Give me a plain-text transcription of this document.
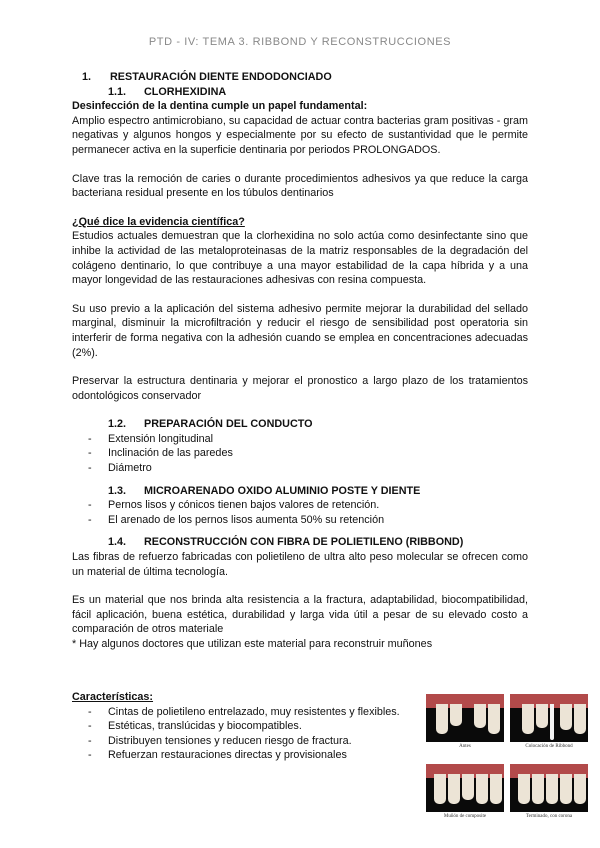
PTD - IV: TEMA 3. RIBBOND Y RECONSTRUCCIONES
1. RESTAURACIÓN DIENTE ENDODONCIADO
1.1. CLORHEXIDINA
Desinfección de la dentina cumple un papel fundamental:

Amplio espectro antimicrobiano, su capacidad de actuar contra bacterias gram positivas - gram negativas y algunos hongos y especialmente por su efecto de sustantividad que le permite permanecer activa en la superficie dentinaria por periodos PROLONGADOS.

Clave tras la remoción de caries o durante procedimientos adhesivos ya que reduce la carga bacteriana residual presente en los túbulos dentinarios

¿Qué dice la evidencia científica?

Estudios actuales demuestran que la clorhexidina no solo actúa como desinfectante sino que inhibe la actividad de las metaloproteinasas de la matriz responsables de la degradación del colágeno dentinario, lo que contribuye a una mayor estabilidad de la capa híbrida y a una mayor longevidad de las restauraciones adhesivas con resina compuesta.

Su uso previo a la aplicación del sistema adhesivo permite mejorar la durabilidad del sellado marginal, disminuir la microfiltración y reducir el riesgo de sensibilidad post operatoria sin interferir de forma negativa con la adhesión cuando se emplea en concentraciones adecuadas (2%).

Preservar la estructura dentinaria y mejorar el pronostico a largo plazo de los tratamientos odontológicos conservador

1.2. PREPARACIÓN DEL CONDUCTO
- Extensión longitudinal
- Inclinación de las paredes
- Diámetro
1.3. MICROARENADO OXIDO ALUMINIO POSTE Y DIENTE
- Pernos lisos y cónicos tienen bajos valores de retención.
- El arenado de los pernos lisos aumenta 50% su retención
1.4. RECONSTRUCCIÓN CON FIBRA DE POLIETILENO (RIBBOND)

Las fibras de refuerzo fabricadas con polietileno de ultra alto peso molecular se ofrecen como un material de última tecnología.

Es un material que nos brinda alta resistencia a la fractura, adaptabilidad, biocompatibilidad, fácil aplicación, buena estética, durabilidad y larga vida útil a pesar de su elevado costo a comparación de otros materiale

* Hay algunos doctores que utilizan este material para reconstruir muñones

Características:
- Cintas de polietileno entrelazado, muy resistentes y flexibles.
- Estéticas, translúcidas y biocompatibles.
- Distribuyen tensiones y reducen riesgo de fractura.
- Refuerzan restauraciones directas y provisionales
Antes	Colocación de Ribbond
Muñón de composite	Terminado, con corona
